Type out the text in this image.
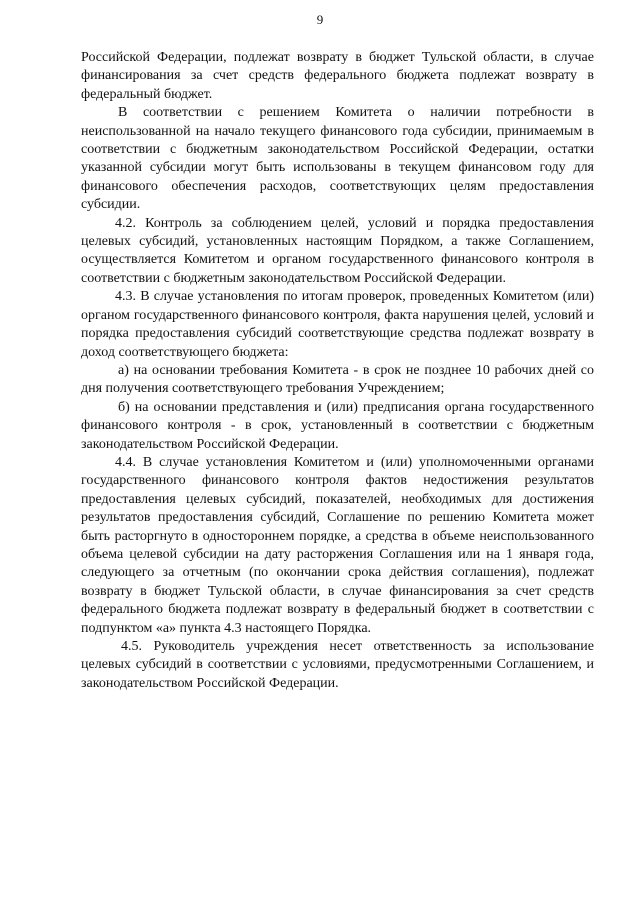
9

Российской Федерации, подлежат возврату в бюджет Тульской области, в случае финансирования за счет средств федерального бюджета подлежат возврату в федеральный бюджет.

В соответствии с решением Комитета о наличии потребности в неиспользованной на начало текущего финансового года субсидии, принимаемым в соответствии с бюджетным законодательством Российской Федерации, остатки указанной субсидии могут быть использованы в текущем финансовом году для финансового обеспечения расходов, соответствующих целям предоставления субсидии.

4.2. Контроль за соблюдением целей, условий и порядка предоставления целевых субсидий, установленных настоящим Порядком, а также Соглашением, осуществляется Комитетом и органом государственного финансового контроля в соответствии с бюджетным законодательством Российской Федерации.

4.3. В случае установления по итогам проверок, проведенных Комитетом (или) органом государственного финансового контроля, факта нарушения целей, условий и порядка предоставления субсидий соответствующие средства подлежат возврату в доход соответствующего бюджета:

а) на основании требования Комитета - в срок не позднее 10 рабочих дней со дня получения соответствующего требования Учреждением;

б) на основании представления и (или) предписания органа государственного финансового контроля - в срок, установленный в соответствии с бюджетным законодательством Российской Федерации.

4.4. В случае установления Комитетом и (или) уполномоченными органами государственного финансового контроля фактов недостижения результатов предоставления целевых субсидий, показателей, необходимых для достижения результатов предоставления субсидий, Соглашение по решению Комитета может быть расторгнуто в одностороннем порядке, а средства в объеме неиспользованного объема целевой субсидии на дату расторжения Соглашения или на 1 января года, следующего за отчетным (по окончании срока действия соглашения), подлежат возврату в бюджет Тульской области, в случае финансирования за счет средств федерального бюджета подлежат возврату в федеральный бюджет в соответствии с подпунктом «а» пункта 4.3 настоящего Порядка.

4.5. Руководитель учреждения несет ответственность за использование целевых субсидий в соответствии с условиями, предусмотренными Соглашением, и законодательством Российской Федерации.
